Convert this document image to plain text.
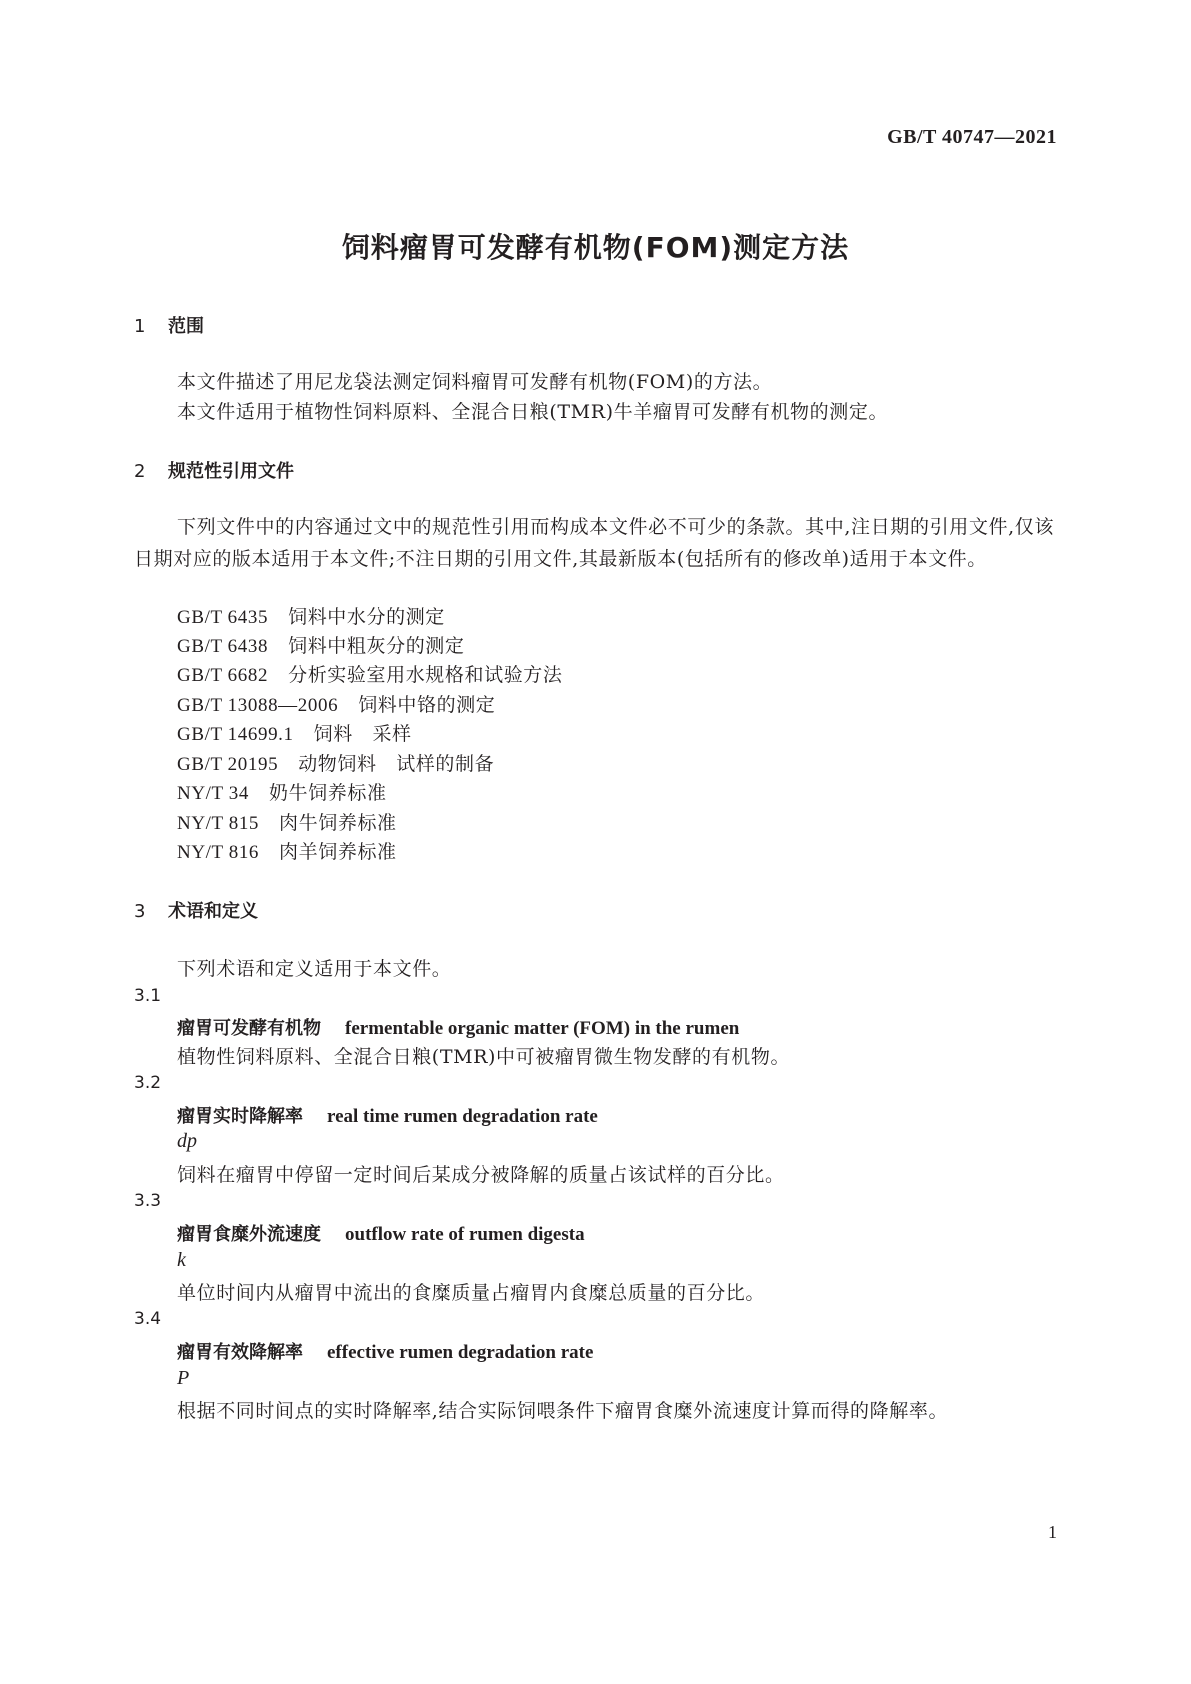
GB/T 40747—2021
饲料瘤胃可发酵有机物(FOM)测定方法
1 范围
本文件描述了用尼龙袋法测定饲料瘤胃可发酵有机物(FOM)的方法。
本文件适用于植物性饲料原料、全混合日粮(TMR)牛羊瘤胃可发酵有机物的测定。
2 规范性引用文件
下列文件中的内容通过文中的规范性引用而构成本文件必不可少的条款。其中,注日期的引用文件,仅该日期对应的版本适用于本文件;不注日期的引用文件,其最新版本(包括所有的修改单)适用于本文件。
GB/T 6435 饲料中水分的测定
GB/T 6438 饲料中粗灰分的测定
GB/T 6682 分析实验室用水规格和试验方法
GB/T 13088—2006 饲料中铬的测定
GB/T 14699.1 饲料　采样
GB/T 20195 动物饲料　试样的制备
NY/T 34 奶牛饲养标准
NY/T 815 肉牛饲养标准
NY/T 816 肉羊饲养标准
3 术语和定义
下列术语和定义适用于本文件。
3.1
瘤胃可发酵有机物 fermentable organic matter (FOM) in the rumen
植物性饲料原料、全混合日粮(TMR)中可被瘤胃微生物发酵的有机物。
3.2
瘤胃实时降解率 real time rumen degradation rate
dp
饲料在瘤胃中停留一定时间后某成分被降解的质量占该试样的百分比。
3.3
瘤胃食糜外流速度 outflow rate of rumen digesta
k
单位时间内从瘤胃中流出的食糜质量占瘤胃内食糜总质量的百分比。
3.4
瘤胃有效降解率 effective rumen degradation rate
P
根据不同时间点的实时降解率,结合实际饲喂条件下瘤胃食糜外流速度计算而得的降解率。
1
